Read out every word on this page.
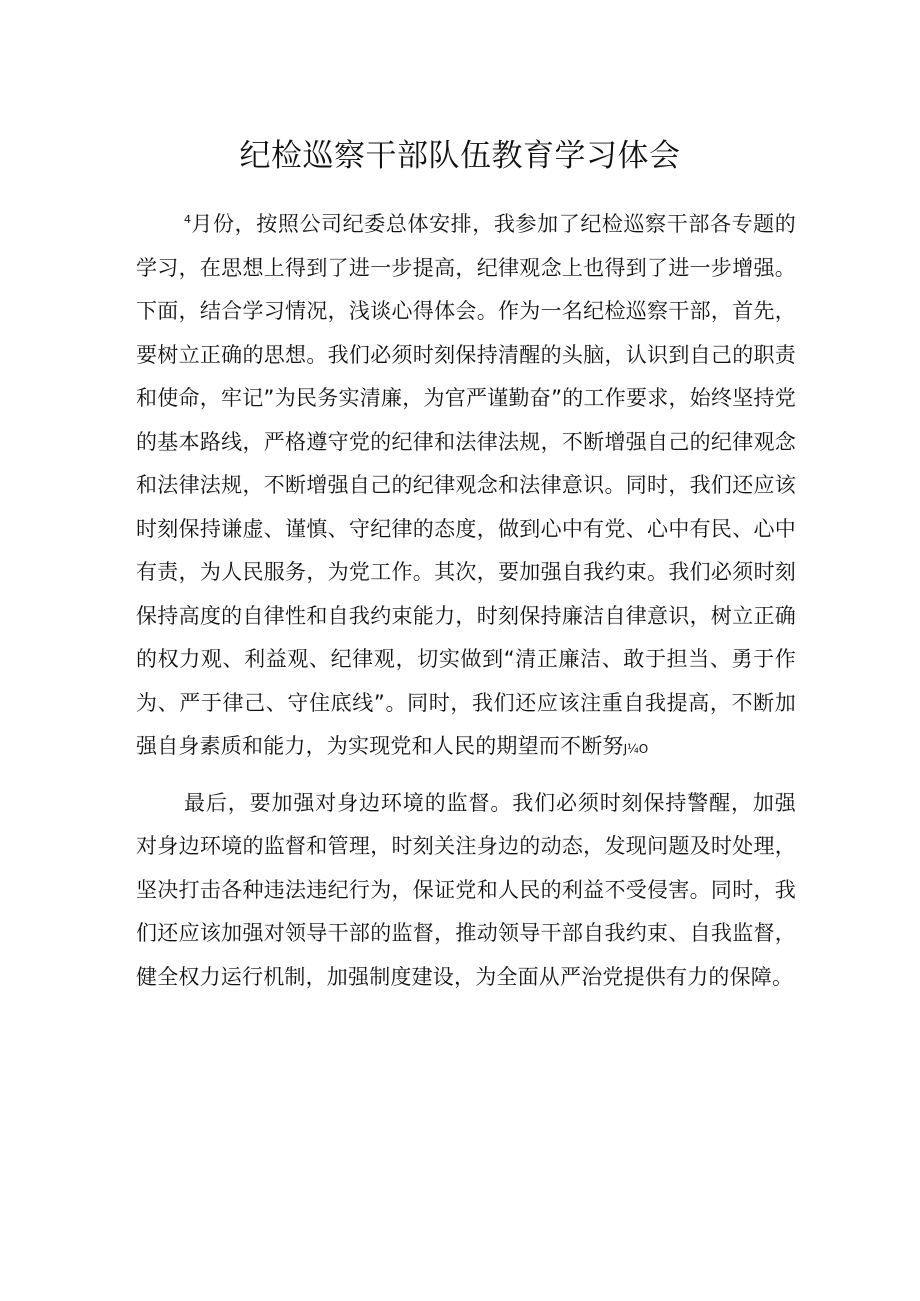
纪检巡察干部队伍教育学习体会

$^4$月份，按照公司纪委总体安排，我参加了纪检巡察干部各专题的学习，在思想上得到了进一步提高，纪律观念上也得到了进一步增强。下面，结合学习情况，浅谈心得体会。作为一名纪检巡察干部，首先，要树立正确的思想。我们必须时刻保持清醒的头脑，认识到自己的职责和使命，牢记”为民务实清廉，为官严谨勤奋”的工作要求，始终坚持党的基本路线，严格遵守党的纪律和法律法规，不断增强自己的纪律观念和法律法规，不断增强自己的纪律观念和法律意识。同时，我们还应该时刻保持谦虚、谨慎、守纪律的态度，做到心中有党、心中有民、心中有责，为人民服务，为党工作。其次，要加强自我约束。我们必须时刻保持高度的自律性和自我约束能力，时刻保持廉洁自律意识，树立正确的权力观、利益观、纪律观，切实做到“清正廉洁、敢于担当、勇于作为、严于律己、守住底线”。同时，我们还应该注重自我提高，不断加强自身素质和能力，为实现党和人民的期望而不断努J¼O

最后，要加强对身边环境的监督。我们必须时刻保持警醒，加强对身边环境的监督和管理，时刻关注身边的动态，发现问题及时处理，坚决打击各种违法违纪行为，保证党和人民的利益不受侵害。同时，我们还应该加强对领导干部的监督，推动领导干部自我约束、自我监督，健全权力运行机制，加强制度建设，为全面从严治党提供有力的保障。
